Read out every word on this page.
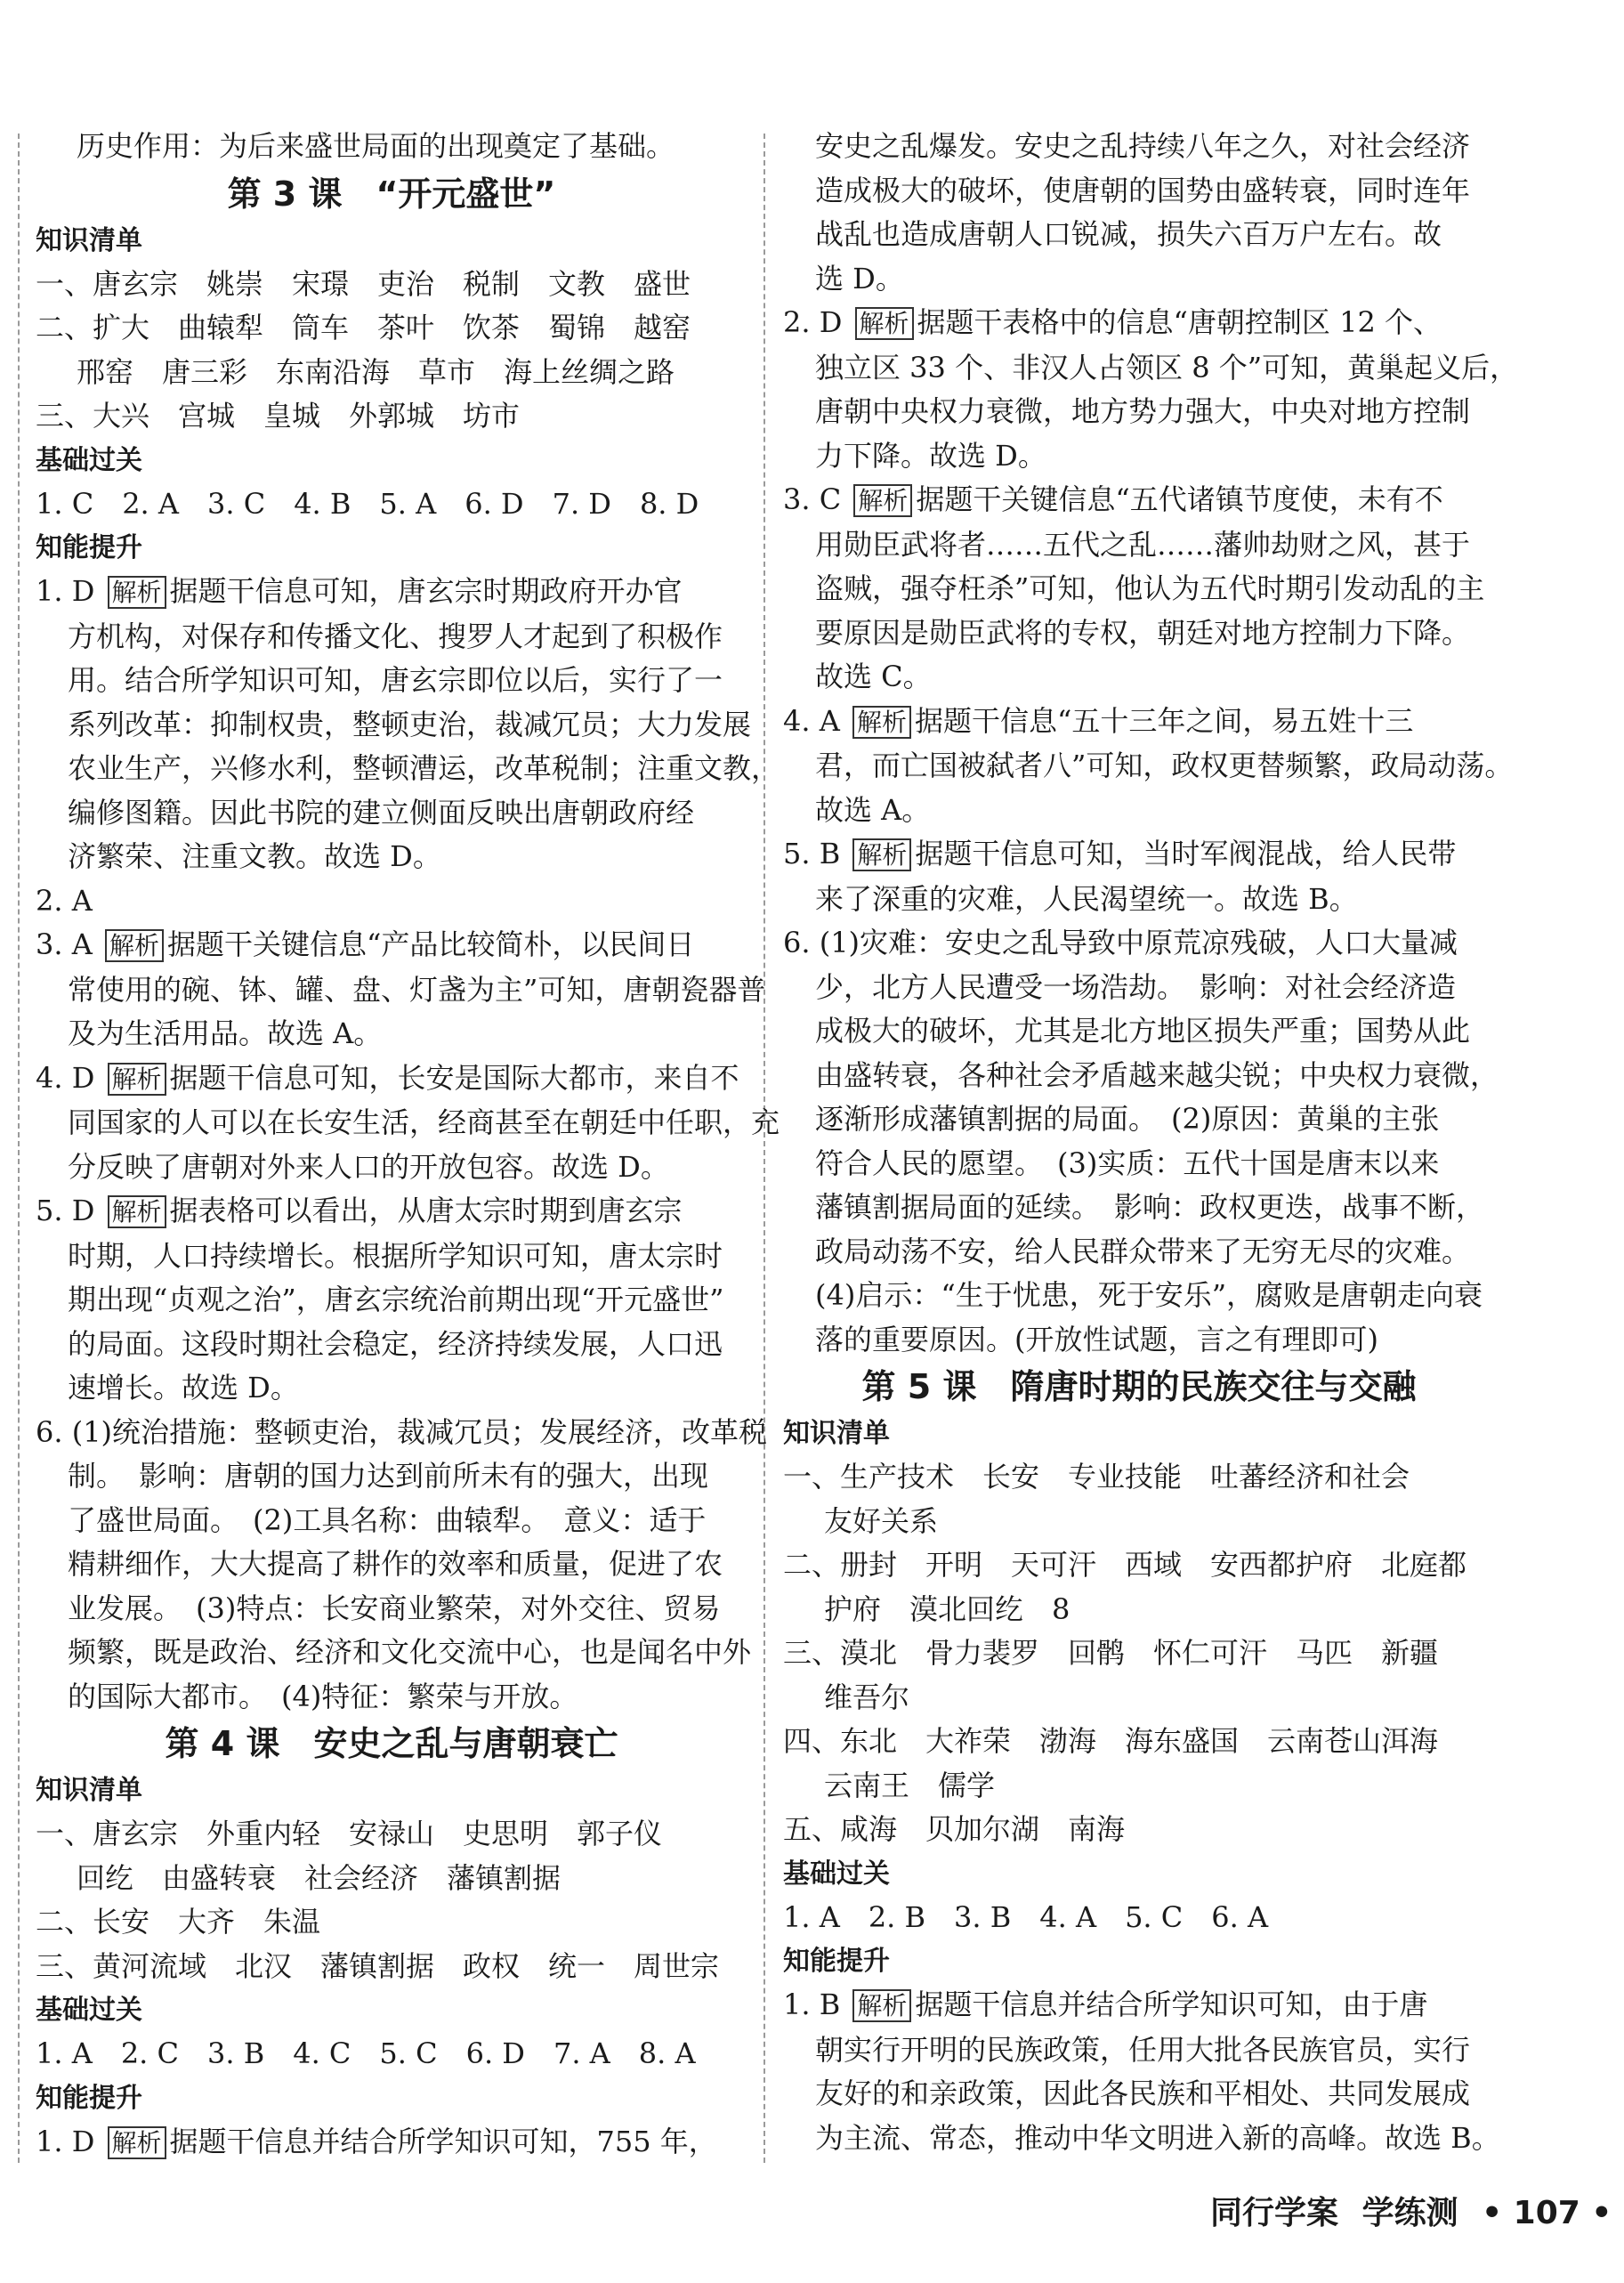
历史作用：为后来盛世局面的出现奠定了基础。

第 3 课　“开元盛世”

知识清单

一、唐玄宗　姚崇　宋璟　吏治　税制　文教　盛世

二、扩大　曲辕犁　筒车　茶叶　饮茶　蜀锦　越窑

邢窑　唐三彩　东南沿海　草市　海上丝绸之路

三、大兴　宫城　皇城　外郭城　坊市

基础过关

1. C　2. A　3. C　4. B　5. A　6. D　7. D　8. D

知能提升

1. D 解析 据题干信息可知，唐玄宗时期政府开办官

方机构，对保存和传播文化、搜罗人才起到了积极作

用。结合所学知识可知，唐玄宗即位以后，实行了一

系列改革：抑制权贵，整顿吏治，裁减冗员；大力发展

农业生产，兴修水利，整顿漕运，改革税制；注重文教，

编修图籍。因此书院的建立侧面反映出唐朝政府经

济繁荣、注重文教。故选 D。

2. A

3. A 解析 据题干关键信息“产品比较简朴，以民间日

常使用的碗、钵、罐、盘、灯盏为主”可知，唐朝瓷器普

及为生活用品。故选 A。

4. D 解析 据题干信息可知，长安是国际大都市，来自不

同国家的人可以在长安生活，经商甚至在朝廷中任职，充

分反映了唐朝对外来人口的开放包容。故选 D。

5. D 解析 据表格可以看出，从唐太宗时期到唐玄宗

时期，人口持续增长。根据所学知识可知，唐太宗时

期出现“贞观之治”，唐玄宗统治前期出现“开元盛世”

的局面。这段时期社会稳定，经济持续发展，人口迅

速增长。故选 D。

6. (1)统治措施：整顿吏治，裁减冗员；发展经济，改革税

制。　影响：唐朝的国力达到前所未有的强大，出现

了盛世局面。　(2)工具名称：曲辕犁。　意义：适于

精耕细作，大大提高了耕作的效率和质量，促进了农

业发展。　(3)特点：长安商业繁荣，对外交往、贸易

频繁，既是政治、经济和文化交流中心，也是闻名中外

的国际大都市。　(4)特征：繁荣与开放。

第 4 课　安史之乱与唐朝衰亡

知识清单

一、唐玄宗　外重内轻　安禄山　史思明　郭子仪

回纥　由盛转衰　社会经济　藩镇割据

二、长安　大齐　朱温

三、黄河流域　北汉　藩镇割据　政权　统一　周世宗

基础过关

1. A　2. C　3. B　4. C　5. C　6. D　7. A　8. A

知能提升

1. D 解析 据题干信息并结合所学知识可知，755 年，

安史之乱爆发。安史之乱持续八年之久，对社会经济

造成极大的破坏，使唐朝的国势由盛转衰，同时连年

战乱也造成唐朝人口锐减，损失六百万户左右。故

选 D。

2. D 解析 据题干表格中的信息“唐朝控制区 12 个、

独立区 33 个、非汉人占领区 8 个”可知，黄巢起义后，

唐朝中央权力衰微，地方势力强大，中央对地方控制

力下降。故选 D。

3. C 解析 据题干关键信息“五代诸镇节度使，未有不

用勋臣武将者……五代之乱……藩帅劫财之风，甚于

盗贼，强夺枉杀”可知，他认为五代时期引发动乱的主

要原因是勋臣武将的专权，朝廷对地方控制力下降。

故选 C。

4. A 解析 据题干信息“五十三年之间，易五姓十三

君，而亡国被弑者八”可知，政权更替频繁，政局动荡。

故选 A。

5. B 解析 据题干信息可知，当时军阀混战，给人民带

来了深重的灾难，人民渴望统一。故选 B。

6. (1)灾难：安史之乱导致中原荒凉残破，人口大量减

少，北方人民遭受一场浩劫。　影响：对社会经济造

成极大的破坏，尤其是北方地区损失严重；国势从此

由盛转衰，各种社会矛盾越来越尖锐；中央权力衰微，

逐渐形成藩镇割据的局面。　(2)原因：黄巢的主张

符合人民的愿望。　(3)实质：五代十国是唐末以来

藩镇割据局面的延续。　影响：政权更迭，战事不断，

政局动荡不安，给人民群众带来了无穷无尽的灾难。

(4)启示：“生于忧患，死于安乐”，腐败是唐朝走向衰

落的重要原因。(开放性试题，言之有理即可)

第 5 课　隋唐时期的民族交往与交融

知识清单

一、生产技术　长安　专业技能　吐蕃经济和社会

友好关系

二、册封　开明　天可汗　西域　安西都护府　北庭都

护府　漠北回纥　8

三、漠北　骨力裴罗　回鹘　怀仁可汗　马匹　新疆

维吾尔

四、东北　大祚荣　渤海　海东盛国　云南苍山洱海

云南王　儒学

五、咸海　贝加尔湖　南海

基础过关

1. A　2. B　3. B　4. A　5. C　6. A

知能提升

1. B 解析 据题干信息并结合所学知识可知，由于唐

朝实行开明的民族政策，任用大批各民族官员，实行

友好的和亲政策，因此各民族和平相处、共同发展成

为主流、常态，推动中华文明进入新的高峰。故选 B。

同行学案 学练测 • 107 •
